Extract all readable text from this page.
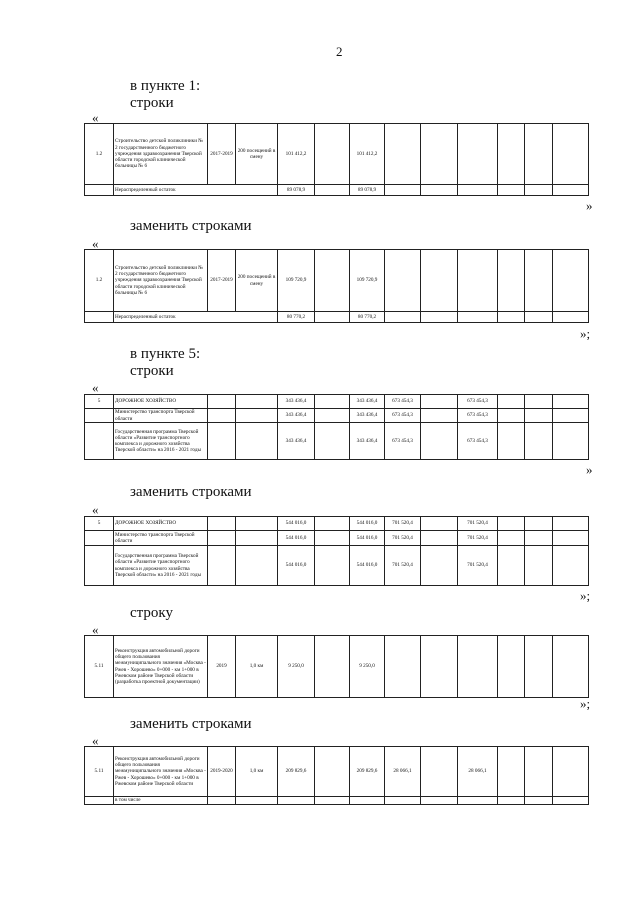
2
в пункте 1:
строки
«
1.2	Строительство детской поликлиники № 2 государственного бюджетного учреждения здравоохранения Тверской области городской клинической больницы № 6	2017-2019	200 посещений в смену	101 412,2		101 412,2						
	Нераспределенный остаток			89 078,9		89 078,9						
»
заменить строками
«
1.2	Строительство детской поликлиники № 2 государственного бюджетного учреждения здравоохранения Тверской области городской клинической больницы № 6	2017-2019	200 посещений в смену	109 720,9		109 720,9						
	Нераспределенный остаток			80 770,2		80 770,2						
»;
в пункте 5:
строки
«
5	ДОРОЖНОЕ ХОЗЯЙСТВО			343 436,4		343 436,4	673 454,3		673 454,3			
	Министерство транспорта Тверской области			343 436,4		343 436,4	673 454,3		673 454,3			
	Государственная программа Тверской области «Развитие транспортного комплекса и дорожного хозяйства Тверской области» на 2016 - 2021 годы			343 436,4		343 436,4	673 454,3		673 454,3			
»
заменить строками
«
5	ДОРОЖНОЕ ХОЗЯЙСТВО			544 016,0		544 016,0	701 520,4		701 520,4			
	Министерство транспорта Тверской области			544 016,0		544 016,0	701 520,4		701 520,4			
	Государственная программа Тверской области «Развитие транспортного комплекса и дорожного хозяйства Тверской области» на 2016 - 2021 годы			544 016,0		544 016,0	701 520,4		701 520,4			
»;
строку
«
5.11	Реконструкция автомобильной дороги общего пользования межмуниципального значения «Москва - Ржев - Хорошево» 0+000 - км 1+000 в Ржевском районе Тверской области (разработка проектной документации)	2019	1,0 км	9 250,0		9 250,0						
»;
заменить строками
«
5.11	Реконструкция автомобильной дороги общего пользования межмуниципального значения «Москва - Ржев - Хорошево» 0+000 - км 1+000 в Ржевском районе Тверской области	2019-2020	1,0 км	209 829,6		209 829,6	28 066,1		28 066,1			
	в том числе											
